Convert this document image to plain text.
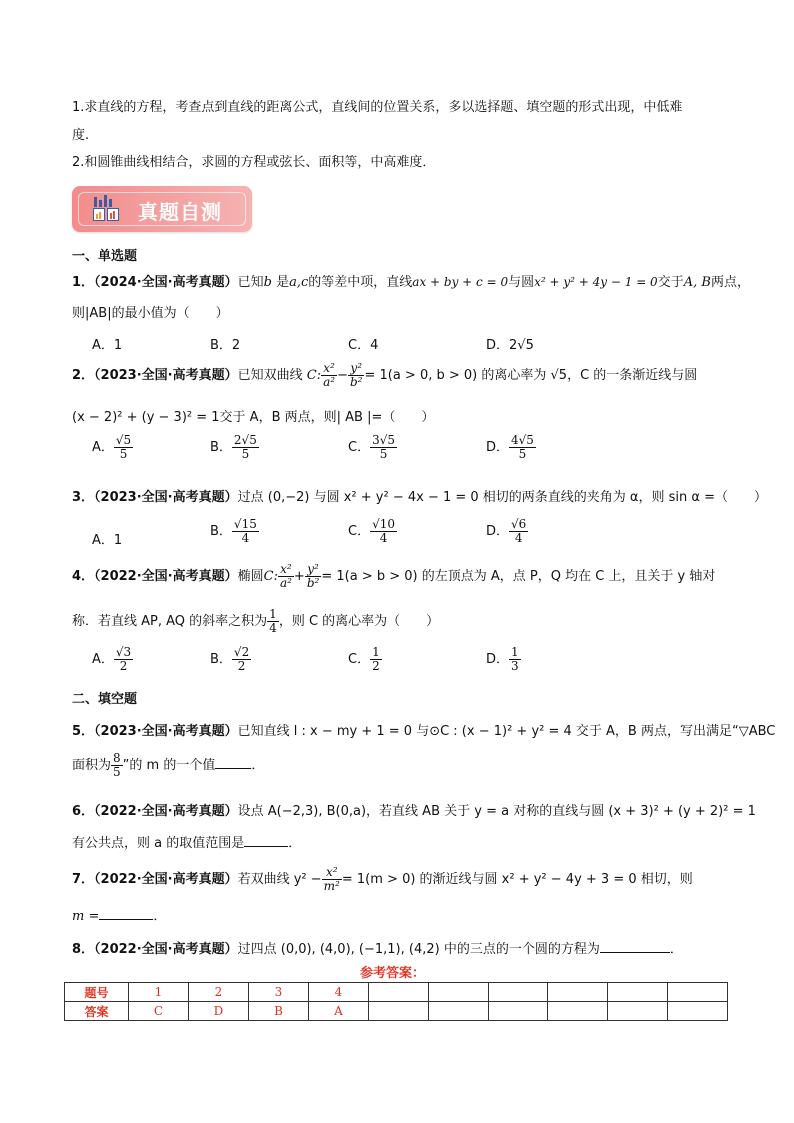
1.求直线的方程，考查点到直线的距离公式，直线间的位置关系，多以选择题、填空题的形式出现，中低难
度.
2.和圆锥曲线相结合，求圆的方程或弦长、面积等，中高难度．
真题自测
一、单选题
1．（2024·全国·高考真题）已知b 是a,c的等差中项，直线ax + by + c = 0与圆x² + y² + 4y − 1 = 0交于A, B两点，
则|AB|的最小值为（　　）
A．1	B．2	C．4	D．2√5
2．（2023·全国·高考真题）已知双曲线 C: $\frac{\text{x²}}{\text{a²}} - \frac{\text{y²}}{\text{b²}} = 1(a > 0$, b > 0) 的离心率为 √5，C 的一条渐近线与圆
(x − 2)² + (y − 3)² = 1交于 A，B 两点，则| AB |=（　　）
A． $\frac{√5}{5}$	B． $\frac{2√5}{5}$	C． $\frac{3√5}{5}$	D． $\frac{4√5}{5}$
3．（2023·全国·高考真题）过点 (0,−2) 与圆 x² + y² − 4x − 1 = 0 相切的两条直线的夹角为 α，则 sin α =（　　）
A．1
B． $\frac{√15}{4}$	C． $\frac{√10}{4}$	D． $\frac{√6}{4}$
4．（2022·全国·高考真题）椭圆C: $\frac{\text{x²}}{\text{a²}} + \frac{\text{y²}}{\text{b²}} = 1(a > b > 0)$ 的左顶点为 A，点 P，Q 均在 C 上，且关于 y 轴对
称．若直线 AP, AQ 的斜率之积为 $\frac{1}{4}$ ，则 C 的离心率为（　　）
A． $\frac{√3}{2}$	B． $\frac{√2}{2}$	C． $\frac{1}{2}$	D． $\frac{1}{3}$
二、填空题
5．（2023·全国·高考真题）已知直线 l : x − my + 1 = 0 与⊙C : (x − 1)² + y² = 4 交于 A，B 两点，写出满足“▽ABC
面积为 $\frac{8}{5}$ ”的 m 的一个值	．
6．（2022·全国·高考真题）设点 A(−2,3), B(0,a)，若直线 AB 关于 y = a 对称的直线与圆 (x + 3)² + (y + 2)² = 1
有公共点，则 a 的取值范围是	．
7．（2022·全国·高考真题）若双曲线 $y^2 - \frac{\text{x²}}{\text{m²}} = 1(m > 0)$ 的渐近线与圆 x² + y² − 4y + 3 = 0 相切，则
m =	．
8．（2022·全国·高考真题）过四点 (0,0), (4,0), (−1,1), (4,2) 中的三点的一个圆的方程为	．
参考答案：
题号	1	2	3	4						
答案	C	D	B	A						
